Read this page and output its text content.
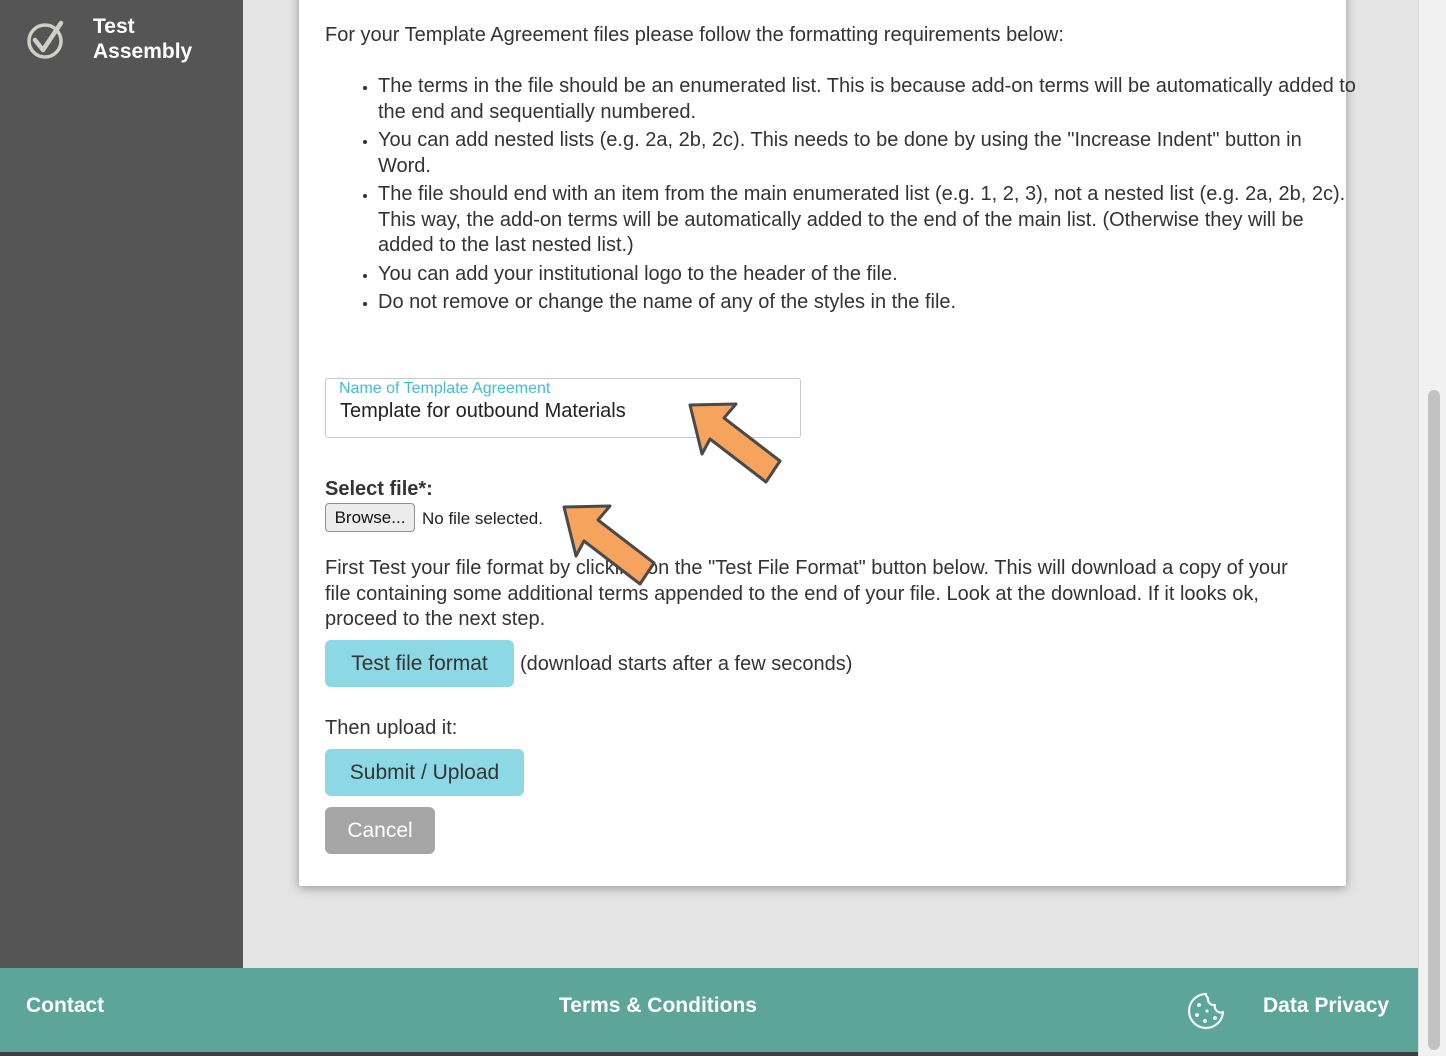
Test Assembly
For your Template Agreement files please follow the formatting requirements below:
• The terms in the file should be an enumerated list. This is because add-on terms will be automatically added to the end and sequentially numbered.
• You can add nested lists (e.g. 2a, 2b, 2c). This needs to be done by using the "Increase Indent" button in Word.
• The file should end with an item from the main enumerated list (e.g. 1, 2, 3), not a nested list (e.g. 2a, 2b, 2c). This way, the add-on terms will be automatically added to the end of the main list. (Otherwise they will be added to the last nested list.)
• You can add your institutional logo to the header of the file.
• Do not remove or change the name of any of the styles in the file.
Name of Template Agreement
Template for outbound Materials
Select file*:
Browse... No file selected.
First Test your file format by clicking on the "Test File Format" button below. This will download a copy of your file containing some additional terms appended to the end of your file. Look at the download. If it looks ok, proceed to the next step.
Test file format	(download starts after a few seconds)
Then upload it:
Submit / Upload
Cancel
Contact	Terms & Conditions	Data Privacy
